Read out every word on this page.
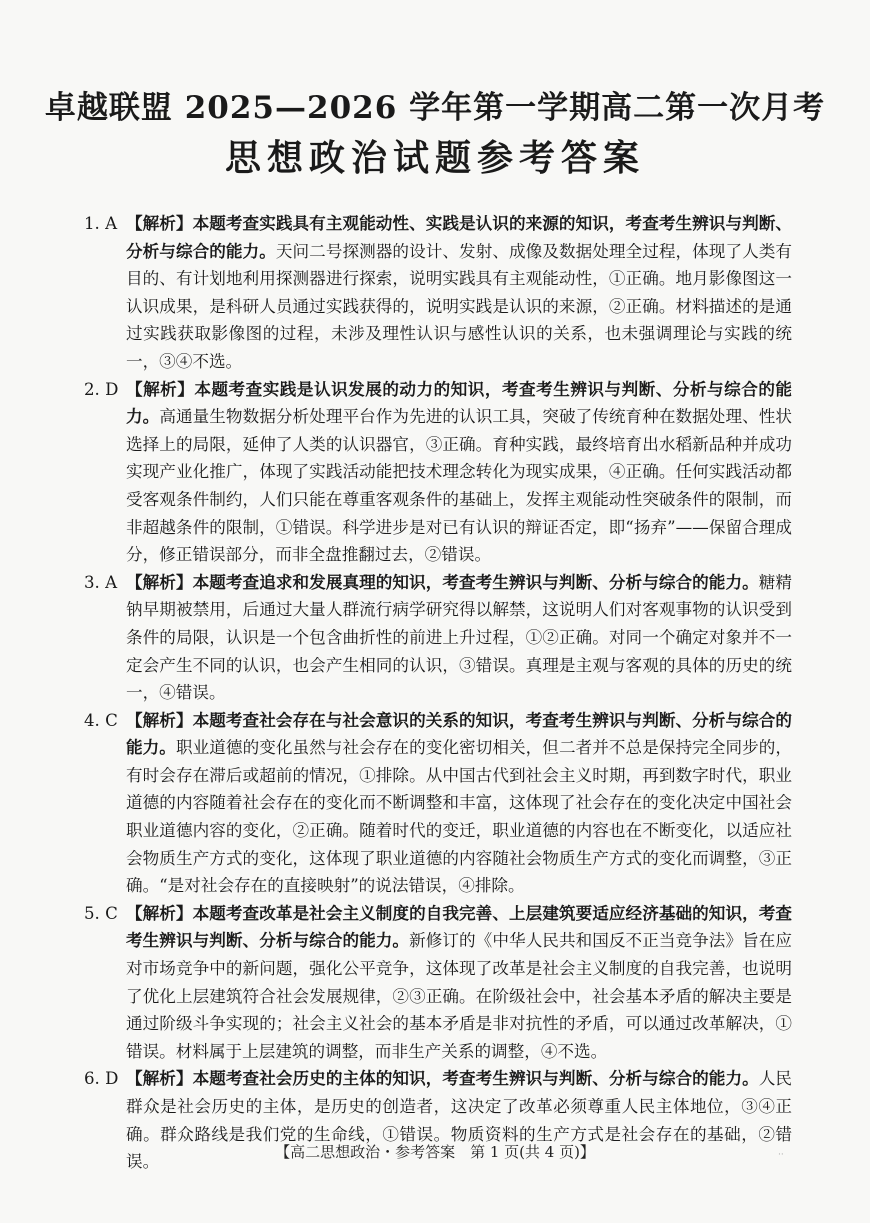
卓越联盟 2025—2026 学年第一学期高二第一次月考
思想政治试题参考答案
1. A 【解析】本题考查实践具有主观能动性、实践是认识的来源的知识，考查考生辨识与判断、分析与综合的能力。天问二号探测器的设计、发射、成像及数据处理全过程，体现了人类有目的、有计划地利用探测器进行探索，说明实践具有主观能动性，①正确。地月影像图这一认识成果，是科研人员通过实践获得的，说明实践是认识的来源，②正确。材料描述的是通过实践获取影像图的过程，未涉及理性认识与感性认识的关系，也未强调理论与实践的统一，③④不选。
2. D 【解析】本题考查实践是认识发展的动力的知识，考查考生辨识与判断、分析与综合的能力。高通量生物数据分析处理平台作为先进的认识工具，突破了传统育种在数据处理、性状选择上的局限，延伸了人类的认识器官，③正确。育种实践，最终培育出水稻新品种并成功实现产业化推广，体现了实践活动能把技术理念转化为现实成果，④正确。任何实践活动都受客观条件制约，人们只能在尊重客观条件的基础上，发挥主观能动性突破条件的限制，而非超越条件的限制，①错误。科学进步是对已有认识的辩证否定，即“扬弃”——保留合理成分，修正错误部分，而非全盘推翻过去，②错误。
3. A 【解析】本题考查追求和发展真理的知识，考查考生辨识与判断、分析与综合的能力。糖精钠早期被禁用，后通过大量人群流行病学研究得以解禁，这说明人们对客观事物的认识受到条件的局限，认识是一个包含曲折性的前进上升过程，①②正确。对同一个确定对象并不一定会产生不同的认识，也会产生相同的认识，③错误。真理是主观与客观的具体的历史的统一，④错误。
4. C 【解析】本题考查社会存在与社会意识的关系的知识，考查考生辨识与判断、分析与综合的能力。职业道德的变化虽然与社会存在的变化密切相关，但二者并不总是保持完全同步的，有时会存在滞后或超前的情况，①排除。从中国古代到社会主义时期，再到数字时代，职业道德的内容随着社会存在的变化而不断调整和丰富，这体现了社会存在的变化决定中国社会职业道德内容的变化，②正确。随着时代的变迁，职业道德的内容也在不断变化，以适应社会物质生产方式的变化，这体现了职业道德的内容随社会物质生产方式的变化而调整，③正确。“是对社会存在的直接映射”的说法错误，④排除。
5. C 【解析】本题考查改革是社会主义制度的自我完善、上层建筑要适应经济基础的知识，考查考生辨识与判断、分析与综合的能力。新修订的《中华人民共和国反不正当竞争法》旨在应对市场竞争中的新问题，强化公平竞争，这体现了改革是社会主义制度的自我完善，也说明了优化上层建筑符合社会发展规律，②③正确。在阶级社会中，社会基本矛盾的解决主要是通过阶级斗争实现的；社会主义社会的基本矛盾是非对抗性的矛盾，可以通过改革解决，①错误。材料属于上层建筑的调整，而非生产关系的调整，④不选。
6. D 【解析】本题考查社会历史的主体的知识，考查考生辨识与判断、分析与综合的能力。人民群众是社会历史的主体，是历史的创造者，这决定了改革必须尊重人民主体地位，③④正确。群众路线是我们党的生命线，①错误。物质资料的生产方式是社会存在的基础，②错误。
【高二思想政治・参考答案　第 1 页(共 4 页)】	··
